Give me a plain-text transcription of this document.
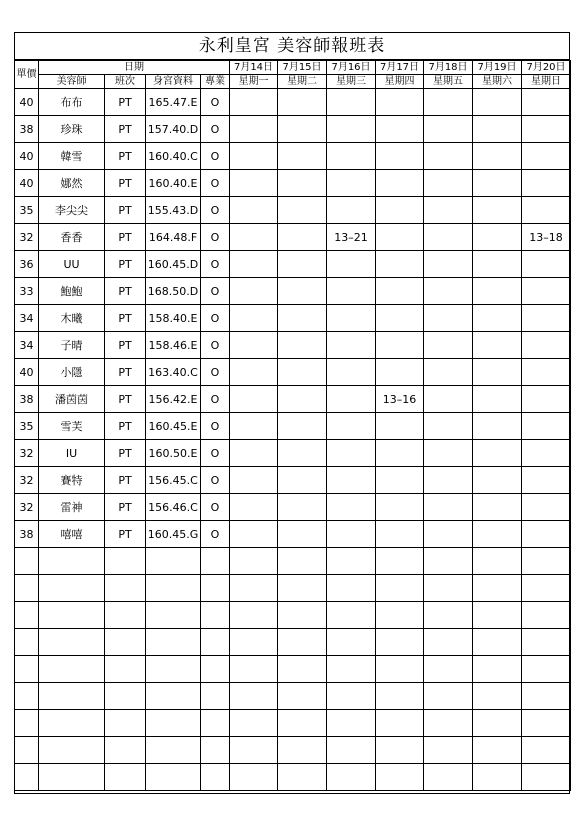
永利皇宮 美容師報班表
單價	日期				7月14日	7月15日	7月16日	7月17日	7月18日	7月19日	7月20日
	美容師	班次	身宮資料	專業	星期一	星期二	星期三	星期四	星期五	星期六	星期日
40	布布	PT	165.47.E	O							
38	珍珠	PT	157.40.D	O							
40	韓雪	PT	160.40.C	O							
40	娜然	PT	160.40.E	O							
35	李尖尖	PT	155.43.D	O							
32	香香	PT	164.48.F	O			13–21				13–18
36	UU	PT	160.45.D	O							
33	鮑鮑	PT	168.50.D	O							
34	木曦	PT	158.40.E	O							
34	子晴	PT	158.46.E	O							
40	小隱	PT	163.40.C	O							
38	潘茵茵	PT	156.42.E	O				13–16			
35	雪芙	PT	160.45.E	O							
32	IU	PT	160.50.E	O							
32	賽特	PT	156.45.C	O							
32	雷神	PT	156.46.C	O							
38	嘻嘻	PT	160.45.G	O							
